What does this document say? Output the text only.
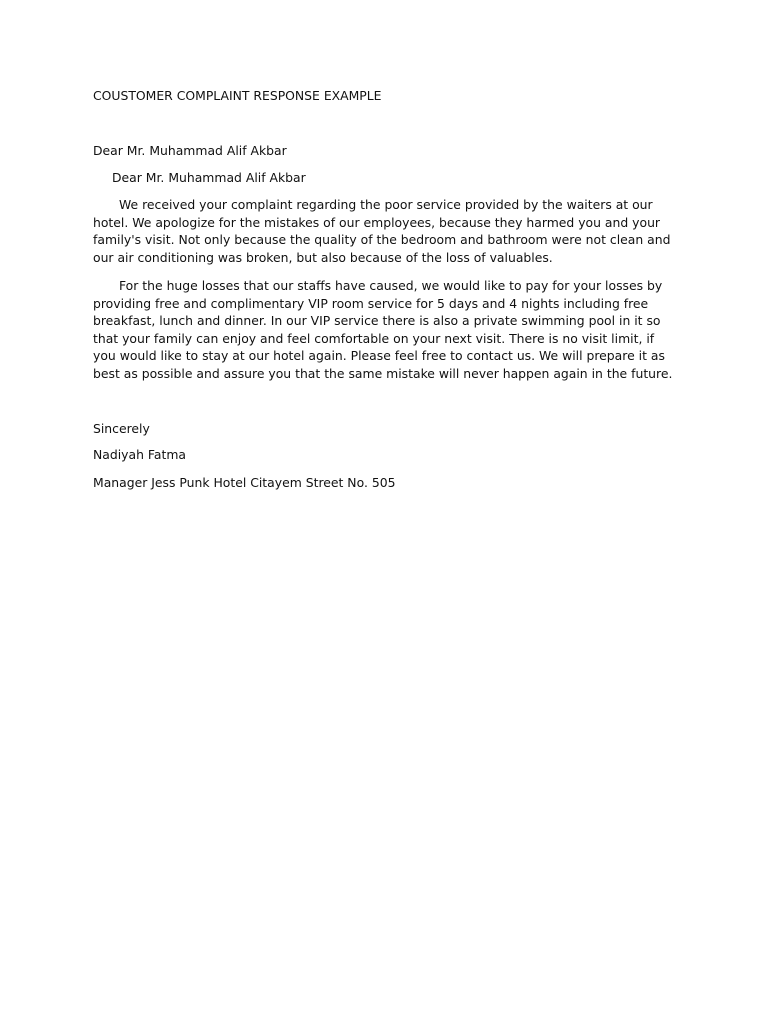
COUSTOMER COMPLAINT RESPONSE EXAMPLE
Dear Mr. Muhammad Alif Akbar
Dear Mr. Muhammad Alif Akbar

We received your complaint regarding the poor service provided by the waiters at our hotel. We apologize for the mistakes of our employees, because they harmed you and your family's visit. Not only because the quality of the bedroom and bathroom were not clean and our air conditioning was broken, but also because of the loss of valuables.

For the huge losses that our staffs have caused, we would like to pay for your losses by providing free and complimentary VIP room service for 5 days and 4 nights including free breakfast, lunch and dinner. In our VIP service there is also a private swimming pool in it so that your family can enjoy and feel comfortable on your next visit. There is no visit limit, if you would like to stay at our hotel again. Please feel free to contact us. We will prepare it as best as possible and assure you that the same mistake will never happen again in the future.

Sincerely
Nadiyah Fatma
Manager Jess Punk Hotel Citayem Street No. 505
